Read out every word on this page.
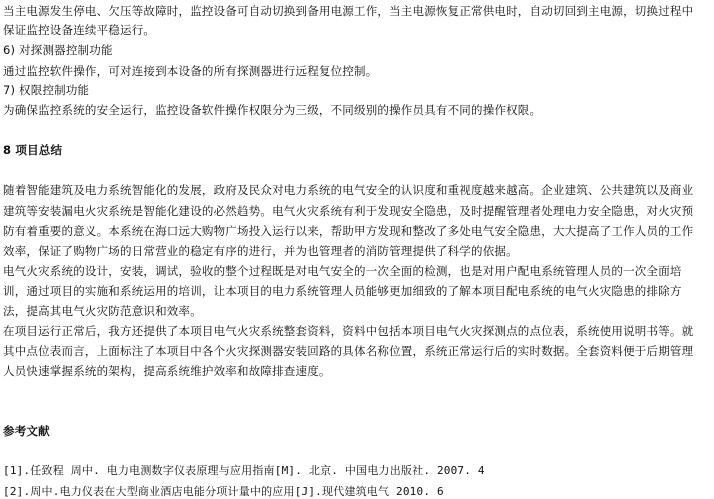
当主电源发生停电、欠压等故障时，监控设备可自动切换到备用电源工作，当主电源恢复正常供电时，自动切回到主电源，切换过程中
保证监控设备连续平稳运行。
6) 对探测器控制功能
通过监控软件操作，可对连接到本设备的所有探测器进行远程复位控制。
7) 权限控制功能
为确保监控系统的安全运行，监控设备软件操作权限分为三级，不同级别的操作员具有不同的操作权限。
8 项目总结
随着智能建筑及电力系统智能化的发展，政府及民众对电力系统的电气安全的认识度和重视度越来越高。企业建筑、公共建筑以及商业
建筑等安装漏电火灾系统是智能化建设的必然趋势。电气火灾系统有利于发现安全隐患，及时提醒管理者处理电力安全隐患，对火灾预
防有着重要的意义。本系统在海口远大购物广场投入运行以来，帮助甲方发现和整改了多处电气安全隐患，大大提高了工作人员的工作
效率，保证了购物广场的日常营业的稳定有序的进行，并为也管理者的消防管理提供了科学的依据。
电气火灾系统的设计，安装，调试，验收的整个过程既是对电气安全的一次全面的检测，也是对用户配电系统管理人员的一次全面培
训，通过项目的实施和系统运用的培训，让本项目的电力系统管理人员能够更加细致的了解本项目配电系统的电气火灾隐患的排除方
法，提高其电气火灾防范意识和效率。
在项目运行正常后，我方还提供了本项目电气火灾系统整套资料，资料中包括本项目电气火灾探测点的点位表，系统使用说明书等。就
其中点位表而言，上面标注了本项目中各个火灾探测器安装回路的具体名称位置，系统正常运行后的实时数据。全套资料便于后期管理
人员快速掌握系统的架构，提高系统维护效率和故障排查速度。
参考文献
[1].任致程 周中. 电力电测数字仪表原理与应用指南[M]. 北京. 中国电力出版社. 2007. 4
[2].周中.电力仪表在大型商业酒店电能分项计量中的应用[J].现代建筑电气 2010. 6
